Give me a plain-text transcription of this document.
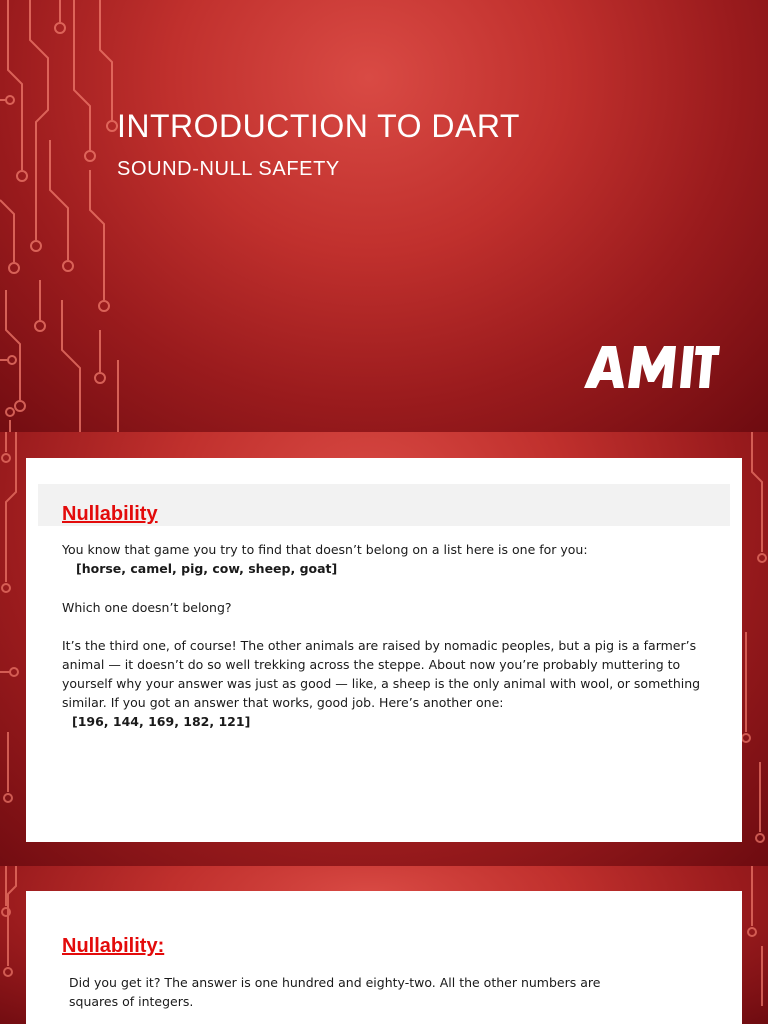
INTRODUCTION TO DART
SOUND-NULL SAFETY
Nullability

You know that game you try to find that doesn’t belong on a list here is one for you:

[horse, camel, pig, cow, sheep, goat]

Which one doesn’t belong?

It’s the third one, of course! The other animals are raised by nomadic peoples, but a pig is a farmer’s

animal — it doesn’t do so well trekking across the steppe. About now you’re probably muttering to

yourself why your answer was just as good — like, a sheep is the only animal with wool, or something

similar. If you got an answer that works, good job. Here’s another one:

[196, 144, 169, 182, 121]

Nullability:

Did you get it? The answer is one hundred and eighty-two. All the other numbers are

squares of integers.
